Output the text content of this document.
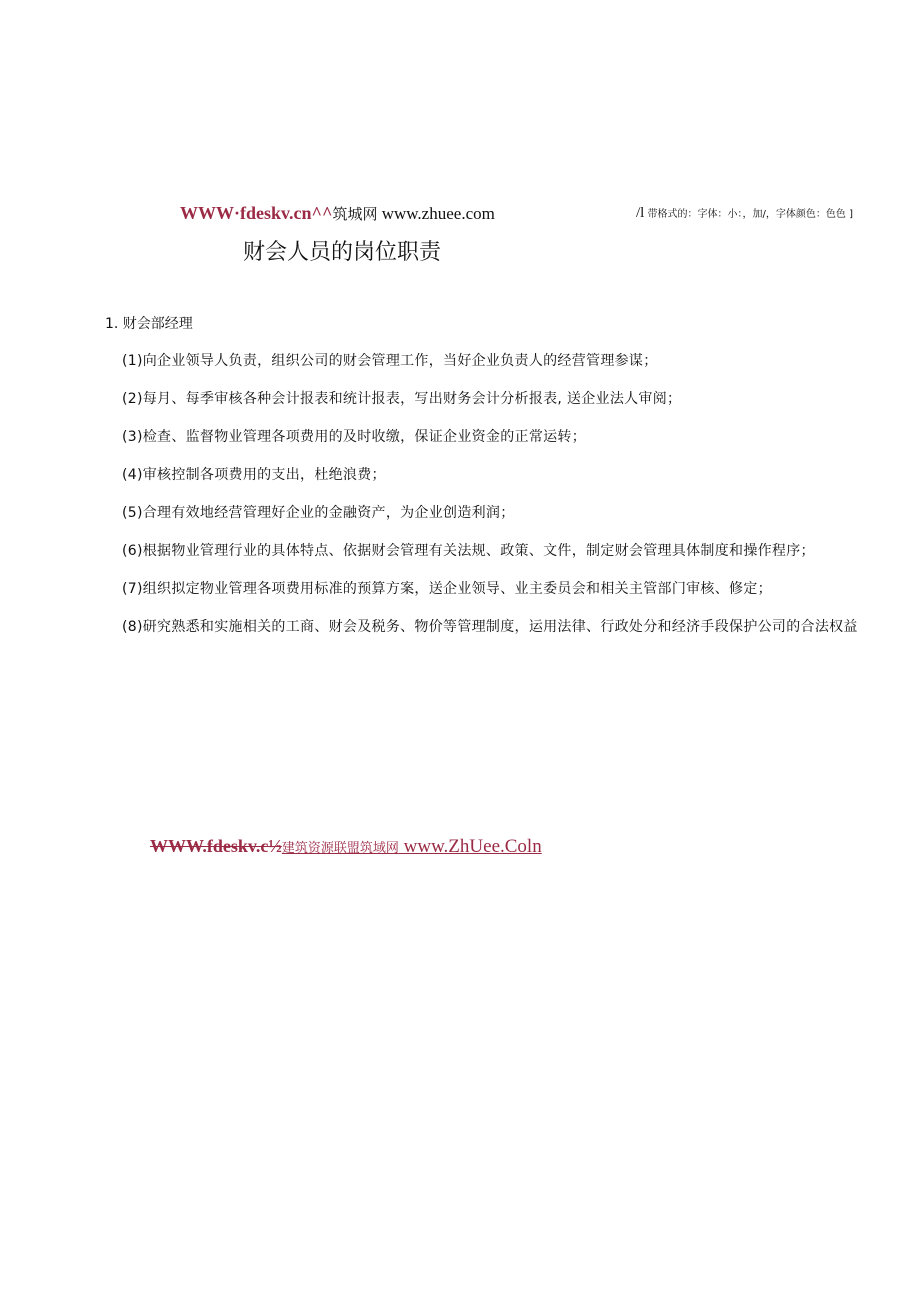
WWW·fdeskv.cn^^筑城网 www.zhuee.com	/l 带格式的：字体：小：，加/，字体颜色：色色 ]
财会人员的岗位职责
1. 财会部经理
(1)向企业领导人负责，组织公司的财会管理工作，当好企业负责人的经营管理参谋；
(2)每月、每季审核各种会计报表和统计报表，写出财务会计分析报表, 送企业法人审阅；
(3)检查、监督物业管理各项费用的及时收缴，保证企业资金的正常运转；
(4)审核控制各项费用的支出，杜绝浪费；
(5)合理有效地经营管理好企业的金融资产，为企业创造利润；
(6)根据物业管理行业的具体特点、依据财会管理有关法规、政策、文件，制定财会管理具体制度和操作程序；
(7)组织拟定物业管理各项费用标准的预算方案，送企业领导、业主委员会和相关主管部门审核、修定；
(8)研究熟悉和实施相关的工商、财会及税务、物价等管理制度，运用法律、行政处分和经济手段保护公司的合法权益
WWW.fdeskv.c½建筑资源联盟筑域网 www.ZhUee.Coln
